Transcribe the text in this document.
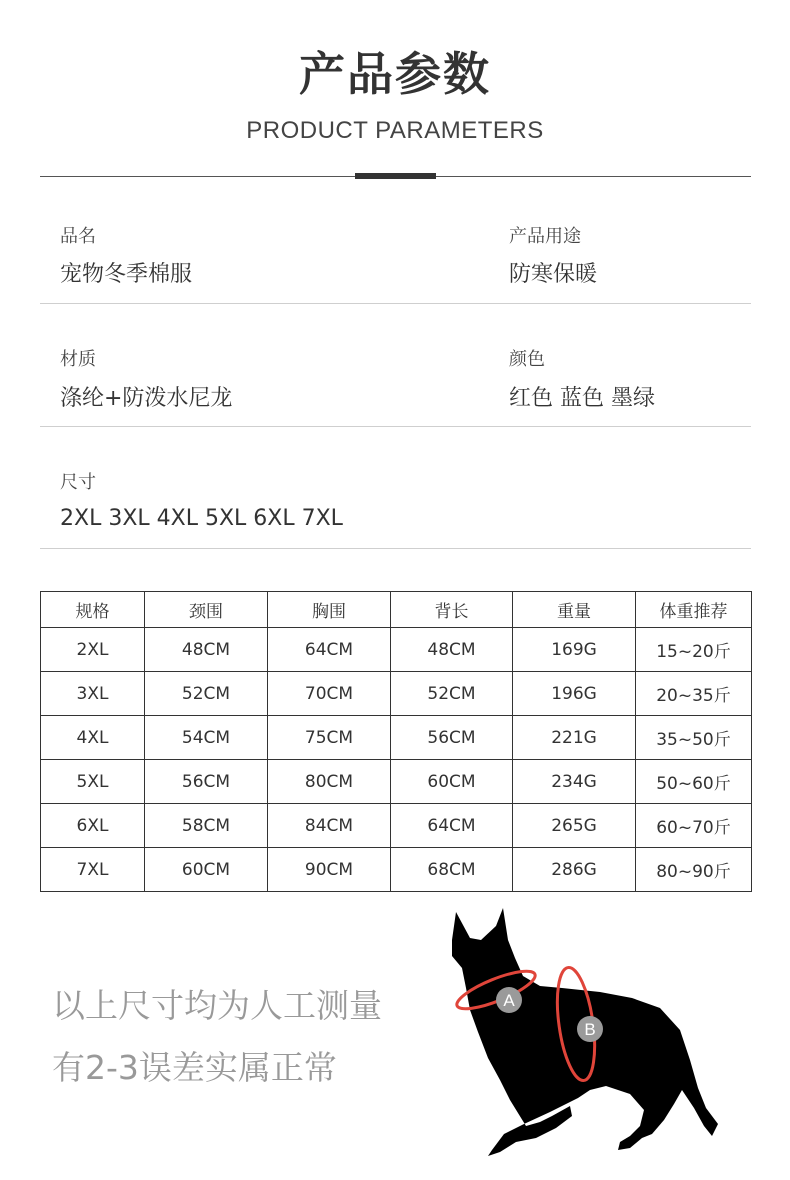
产品参数
PRODUCT PARAMETERS
品名
宠物冬季棉服
产品用途
防寒保暖
材质
涤纶+防泼水尼龙
颜色
红色 蓝色 墨绿
尺寸
2XL 3XL 4XL 5XL 6XL 7XL
规格	颈围	胸围	背长	重量	体重推荐
2XL	48CM	64CM	48CM	169G	15~20斤
3XL	52CM	70CM	52CM	196G	20~35斤
4XL	54CM	75CM	56CM	221G	35~50斤
5XL	56CM	80CM	60CM	234G	50~60斤
6XL	58CM	84CM	64CM	265G	60~70斤
7XL	60CM	90CM	68CM	286G	80~90斤
以上尺寸均为人工测量
有2-3误差实属正常
A
B
